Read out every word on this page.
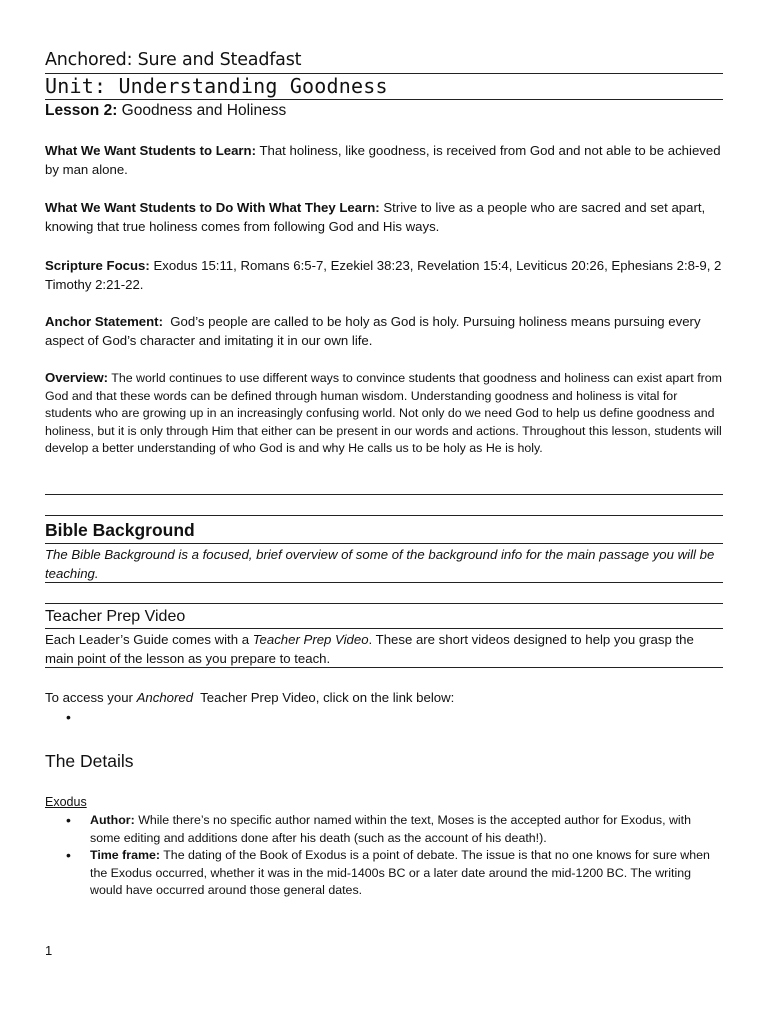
Anchored: Sure and Steadfast
Unit: Understanding Goodness
Lesson 2: Goodness and Holiness
What We Want Students to Learn: That holiness, like goodness, is received from God and not able to be achieved by man alone.
What We Want Students to Do With What They Learn: Strive to live as a people who are sacred and set apart, knowing that true holiness comes from following God and His ways.
Scripture Focus: Exodus 15:11, Romans 6:5-7, Ezekiel 38:23, Revelation 15:4, Leviticus 20:26, Ephesians 2:8-9, 2 Timothy 2:21-22.
Anchor Statement: God’s people are called to be holy as God is holy. Pursuing holiness means pursuing every aspect of God’s character and imitating it in our own life.
Overview: The world continues to use different ways to convince students that goodness and holiness can exist apart from God and that these words can be defined through human wisdom. Understanding goodness and holiness is vital for students who are growing up in an increasingly confusing world. Not only do we need God to help us define goodness and holiness, but it is only through Him that either can be present in our words and actions. Throughout this lesson, students will develop a better understanding of who God is and why He calls us to be holy as He is holy.
Bible Background
The Bible Background is a focused, brief overview of some of the background info for the main passage you will be teaching.
Teacher Prep Video
Each Leader’s Guide comes with a Teacher Prep Video. These are short videos designed to help you grasp the main point of the lesson as you prepare to teach.
To access your Anchored  Teacher Prep Video, click on the link below:
•
The Details
Exodus
• Author: While there’s no specific author named within the text, Moses is the accepted author for Exodus, with some editing and additions done after his death (such as the account of his death!).
• Time frame: The dating of the Book of Exodus is a point of debate. The issue is that no one knows for sure when the Exodus occurred, whether it was in the mid-1400s BC or a later date around the mid-1200 BC. The writing would have occurred around those general dates.
1
